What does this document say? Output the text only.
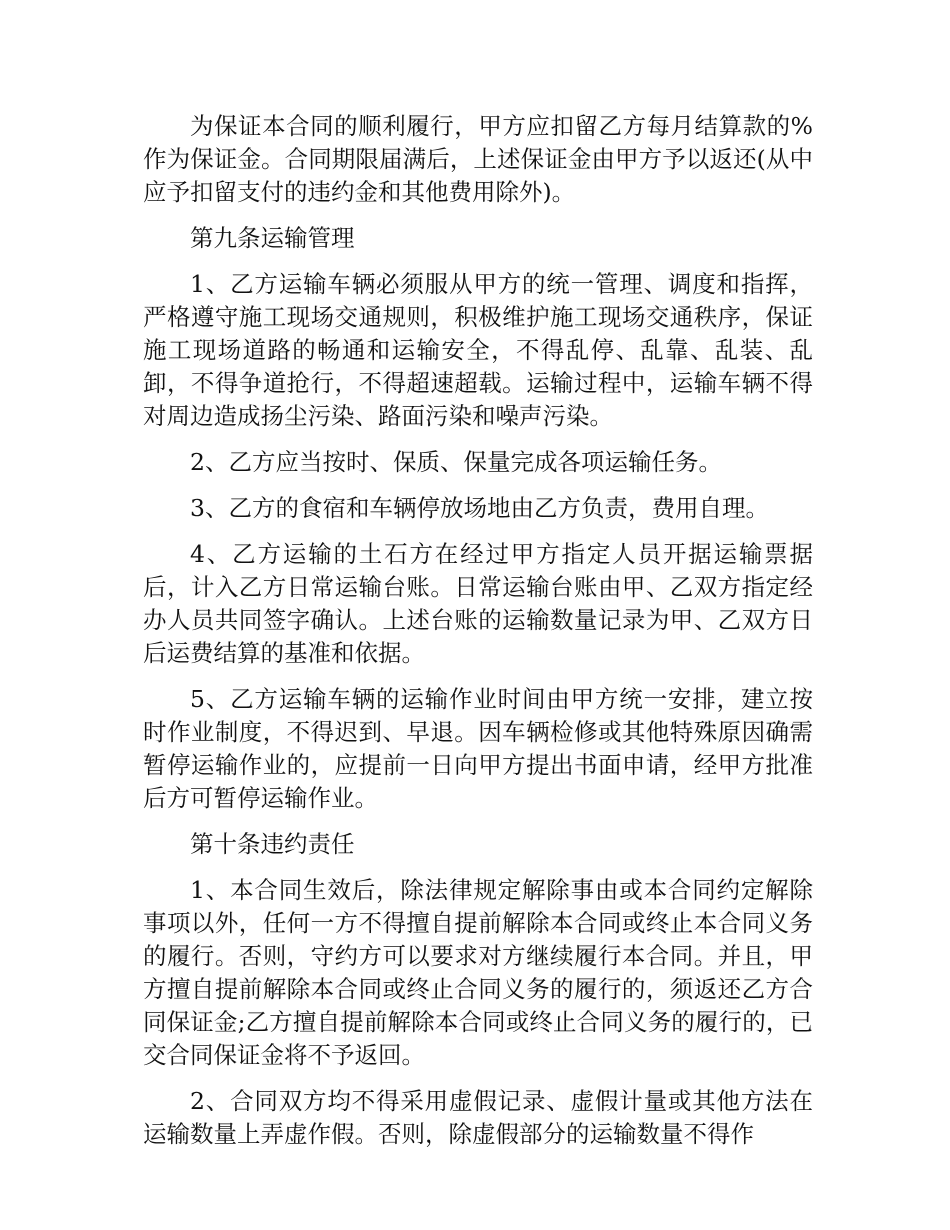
为保证本合同的顺利履行，甲方应扣留乙方每月结算款的%作为保证金。合同期限届满后，上述保证金由甲方予以返还(从中应予扣留支付的违约金和其他费用除外)。

第九条运输管理

1、乙方运输车辆必须服从甲方的统一管理、调度和指挥，严格遵守施工现场交通规则，积极维护施工现场交通秩序，保证施工现场道路的畅通和运输安全，不得乱停、乱靠、乱装、乱卸，不得争道抢行，不得超速超载。运输过程中，运输车辆不得对周边造成扬尘污染、路面污染和噪声污染。

2、乙方应当按时、保质、保量完成各项运输任务。

3、乙方的食宿和车辆停放场地由乙方负责，费用自理。

4、乙方运输的土石方在经过甲方指定人员开据运输票据后，计入乙方日常运输台账。日常运输台账由甲、乙双方指定经办人员共同签字确认。上述台账的运输数量记录为甲、乙双方日后运费结算的基准和依据。

5、乙方运输车辆的运输作业时间由甲方统一安排，建立按时作业制度，不得迟到、早退。因车辆检修或其他特殊原因确需暂停运输作业的，应提前一日向甲方提出书面申请，经甲方批准后方可暂停运输作业。

第十条违约责任

1、本合同生效后，除法律规定解除事由或本合同约定解除事项以外，任何一方不得擅自提前解除本合同或终止本合同义务的履行。否则，守约方可以要求对方继续履行本合同。并且，甲方擅自提前解除本合同或终止合同义务的履行的，须返还乙方合同保证金;乙方擅自提前解除本合同或终止合同义务的履行的，已交合同保证金将不予返回。

2、合同双方均不得采用虚假记录、虚假计量或其他方法在运输数量上弄虚作假。否则，除虚假部分的运输数量不得作
